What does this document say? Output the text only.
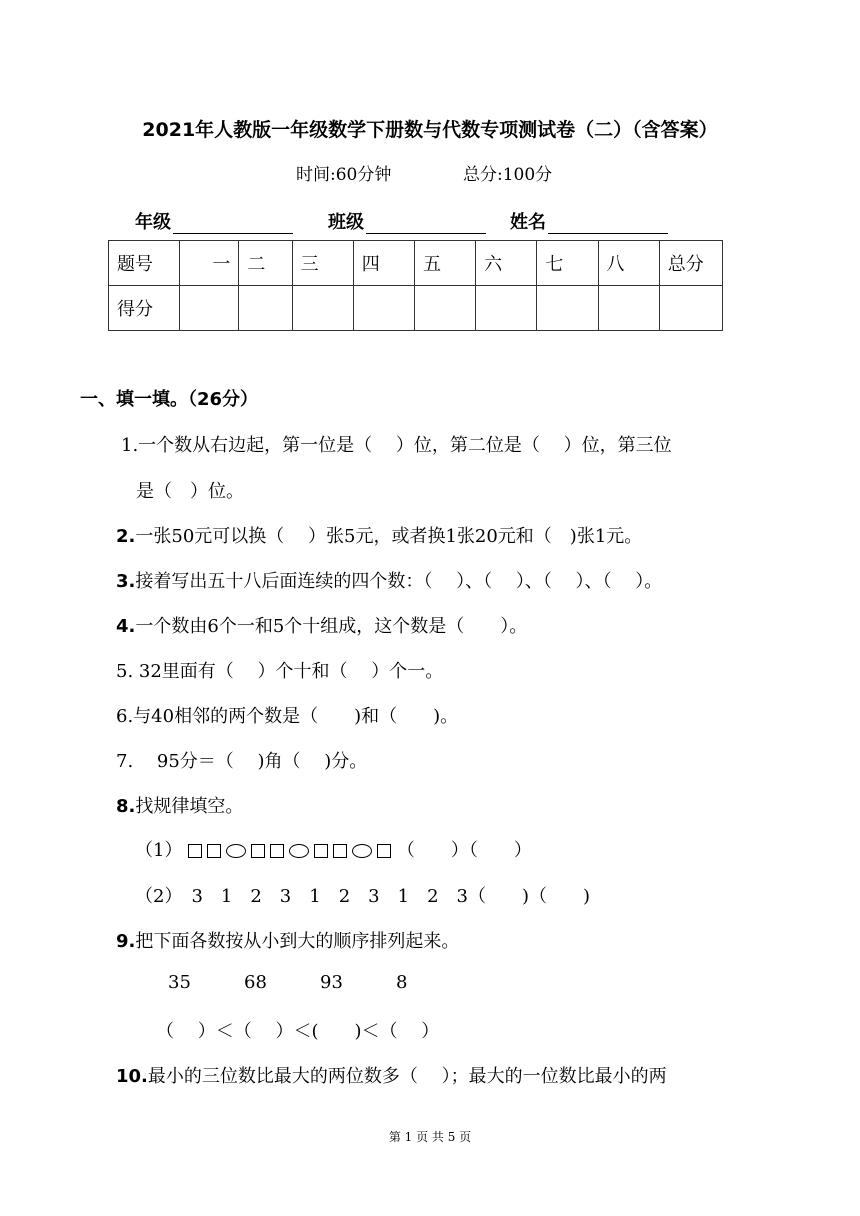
2021年人教版一年级数学下册数与代数专项测试卷（二）（含答案）
时间:60分钟	总分:100分
年级	班级	姓名
题号	一	二	三	四	五	六	七	八	总分
得分									
一、填一填。（26分）
1.一个数从右边起，第一位是（　 ）位，第二位是（　 ）位，第三位
是（　）位。
2.一张50元可以换（　 ）张5元，或者换1张20元和（　)张1元。
3.接着写出五十八后面连续的四个数：（　 ）、（　 ）、（　 ）、（　 ）。
4.一个数由6个一和5个十组成，这个数是（　　）。
5. 32里面有（　 ）个十和（　 ）个一。
6.与40相邻的两个数是（　　)和（　　)。
7.　 95分＝（　 )角（　 )分。
8.找规律填空。
（1）	（　　）（　　）
（2）　3　1　2　3　1　2　3　1　2　3（　　)（　　)
9.把下面各数按从小到大的顺序排列起来。
35	68	93	8
（　 ）＜（　 ）＜(　　)＜（　 ）
10.最小的三位数比最大的两位数多（　 ）；最大的一位数比最小的两
第 1 页 共 5 页
